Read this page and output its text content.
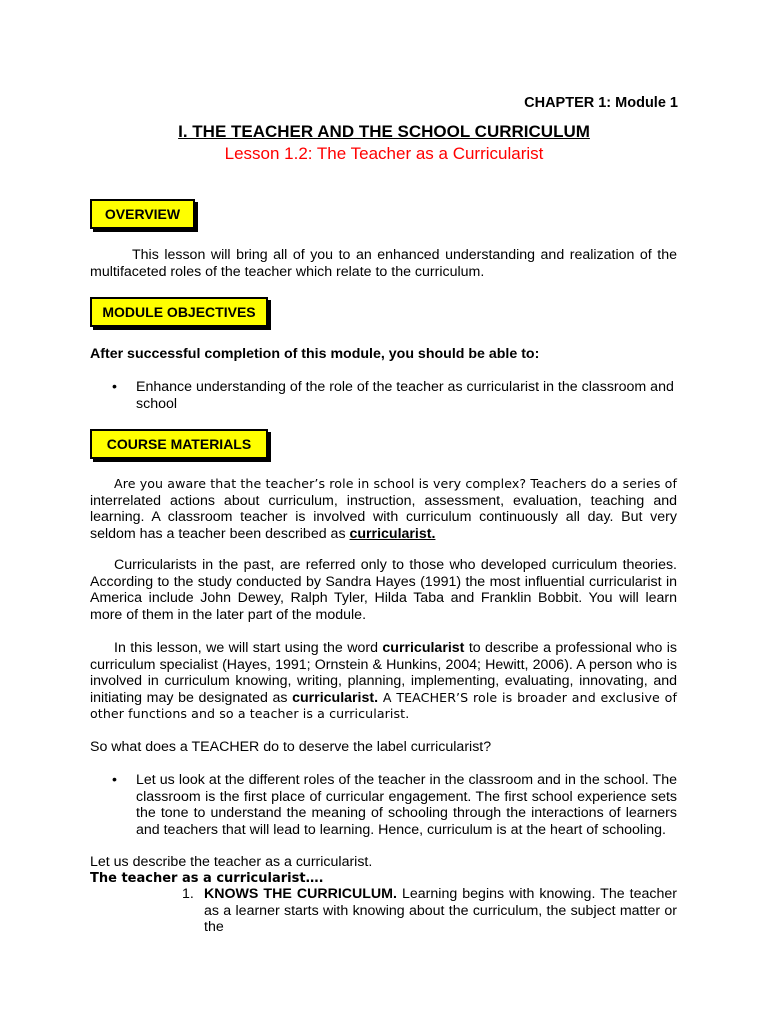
CHAPTER 1: Module 1
I. THE TEACHER AND THE SCHOOL CURRICULUM
Lesson 1.2: The Teacher as a Curricularist
OVERVIEW
This lesson will bring all of you to an enhanced understanding and realization of the multifaceted roles of the teacher which relate to the curriculum.
MODULE OBJECTIVES
After successful completion of this module, you should be able to:
•	Enhance understanding of the role of the teacher as curricularist in the classroom and school
COURSE MATERIALS
Are you aware that the teacher’s role in school is very complex? Teachers do a series of interrelated actions about curriculum, instruction, assessment, evaluation, teaching and learning. A classroom teacher is involved with curriculum continuously all day. But very seldom has a teacher been described as curricularist.
Curricularists in the past, are referred only to those who developed curriculum theories. According to the study conducted by Sandra Hayes (1991) the most influential curricularist in America include John Dewey, Ralph Tyler, Hilda Taba and Franklin Bobbit. You will learn more of them in the later part of the module.
In this lesson, we will start using the word curricularist to describe a professional who is curriculum specialist (Hayes, 1991; Ornstein & Hunkins, 2004; Hewitt, 2006). A person who is involved in curriculum knowing, writing, planning, implementing, evaluating, innovating, and initiating may be designated as curricularist. A TEACHER’S role is broader and exclusive of other functions and so a teacher is a curricularist.
So what does a TEACHER do to deserve the label curricularist?
•	Let us look at the different roles of the teacher in the classroom and in the school. The classroom is the first place of curricular engagement. The first school experience sets the tone to understand the meaning of schooling through the interactions of learners and teachers that will lead to learning. Hence, curriculum is at the heart of schooling.
Let us describe the teacher as a curricularist.
The teacher as a curricularist….
1. KNOWS THE CURRICULUM. Learning begins with knowing. The teacher as a learner starts with knowing about the curriculum, the subject matter or the
